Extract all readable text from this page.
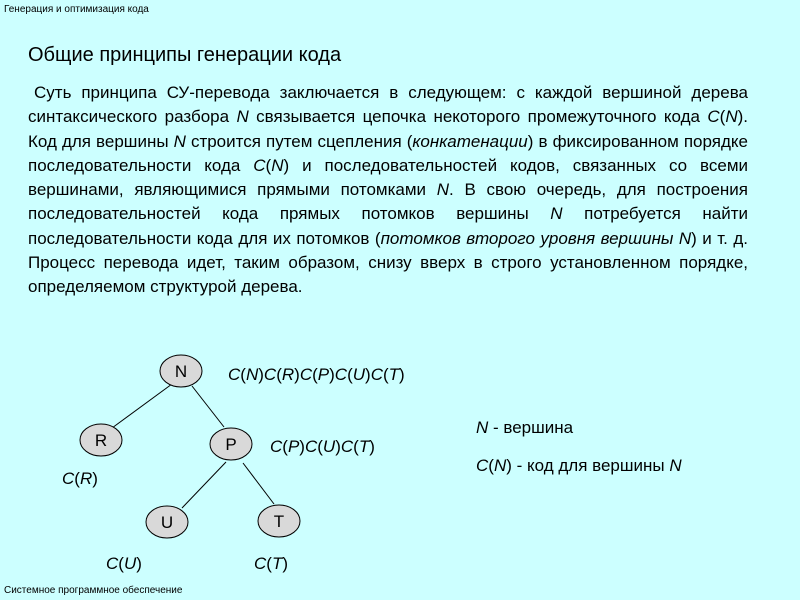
Генерация и оптимизация кода
Общие принципы генерации кода
Суть принципа СУ-перевода заключается в следующем: с каждой вершиной дерева синтаксического разбора N связывается цепочка некоторого промежуточного кода C(N). Код для вершины N строится путем сцепления (конкатенации) в фиксированном порядке последовательности кода C(N) и последовательностей кодов, связанных со всеми вершинами, являющимися прямыми потомками N. В свою очередь, для построения последовательностей кода прямых потомков вершины N потребуется найти последовательности кода для их потомков (потомков второго уровня вершины N) и т. д. Процесс перевода идет, таким образом, снизу вверх в строго установленном порядке, определяемом структурой дерева.
N
R	P
U	T
C(N)C(R)C(P)C(U)C(T)
C(P)C(U)C(T)
C(R)
C(U)	C(T)
N - вершина
C(N) - код для вершины N
Системное программное обеспечение
